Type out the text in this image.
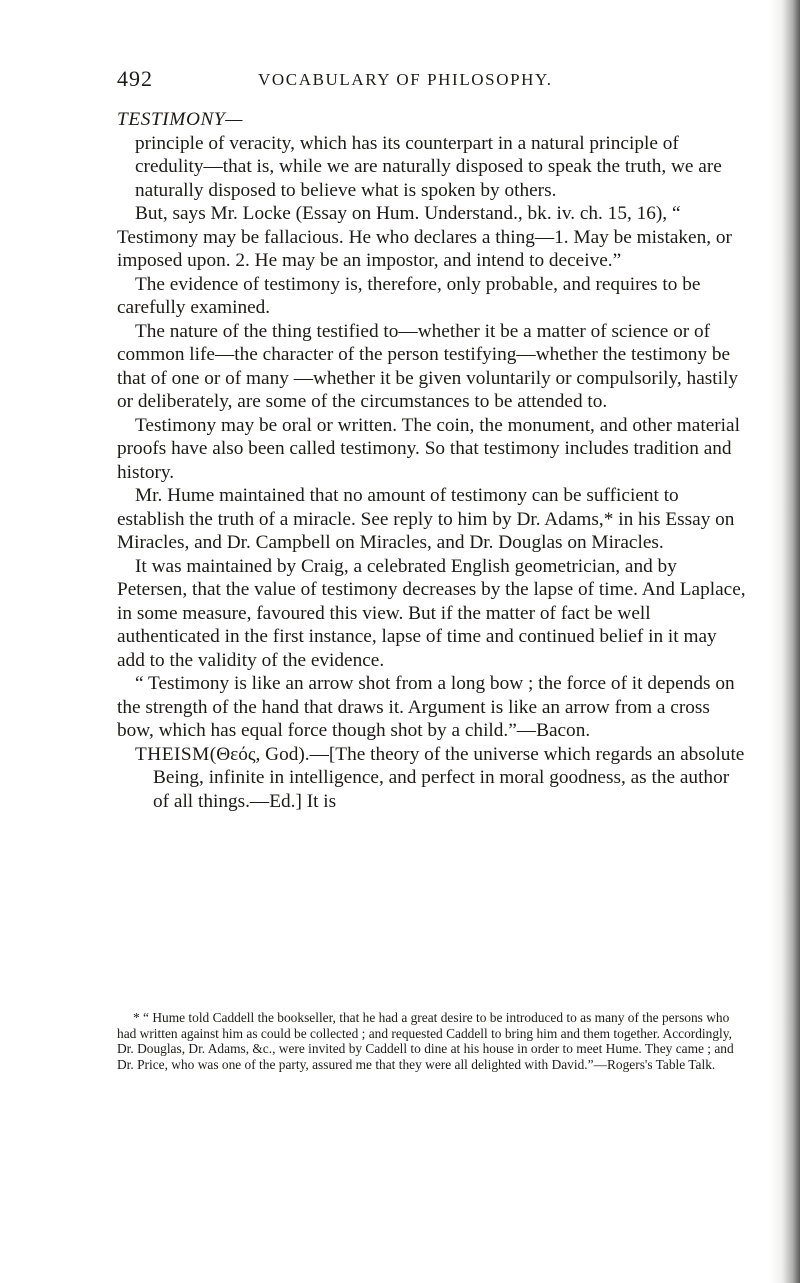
492	VOCABULARY OF PHILOSOPHY.
TESTIMONY—

principle of veracity, which has its counterpart in a natural principle of credulity—that is, while we are naturally disposed to speak the truth, we are naturally disposed to believe what is spoken by others.

But, says Mr. Locke (Essay on Hum. Understand., bk. iv. ch. 15, 16), “ Testimony may be fallacious. He who declares a thing—1. May be mistaken, or imposed upon. 2. He may be an impostor, and intend to deceive.”

The evidence of testimony is, therefore, only probable, and requires to be carefully examined.

The nature of the thing testified to—whether it be a matter of science or of common life—the character of the person testifying—whether the testimony be that of one or of many —whether it be given voluntarily or compulsorily, hastily or deliberately, are some of the circumstances to be attended to.

Testimony may be oral or written. The coin, the monument, and other material proofs have also been called testimony. So that testimony includes tradition and history.

Mr. Hume maintained that no amount of testimony can be sufficient to establish the truth of a miracle. See reply to him by Dr. Adams,* in his Essay on Miracles, and Dr. Campbell on Miracles, and Dr. Douglas on Miracles.

It was maintained by Craig, a celebrated English geometrician, and by Petersen, that the value of testimony decreases by the lapse of time. And Laplace, in some measure, favoured this view. But if the matter of fact be well authenticated in the first instance, lapse of time and continued belief in it may add to the validity of the evidence.

“ Testimony is like an arrow shot from a long bow ; the force of it depends on the strength of the hand that draws it. Argument is like an arrow from a cross bow, which has equal force though shot by a child.”—Bacon.

THEISM(Θεός, God).—[The theory of the universe which regards an absolute Being, infinite in intelligence, and perfect in moral goodness, as the author of all things.—Ed.] It is

* “ Hume told Caddell the bookseller, that he had a great desire to be introduced to as many of the persons who had written against him as could be collected ; and requested Caddell to bring him and them together. Accordingly, Dr. Douglas, Dr. Adams, &c., were invited by Caddell to dine at his house in order to meet Hume. They came ; and Dr. Price, who was one of the party, assured me that they were all delighted with David.”—Rogers's Table Talk.
